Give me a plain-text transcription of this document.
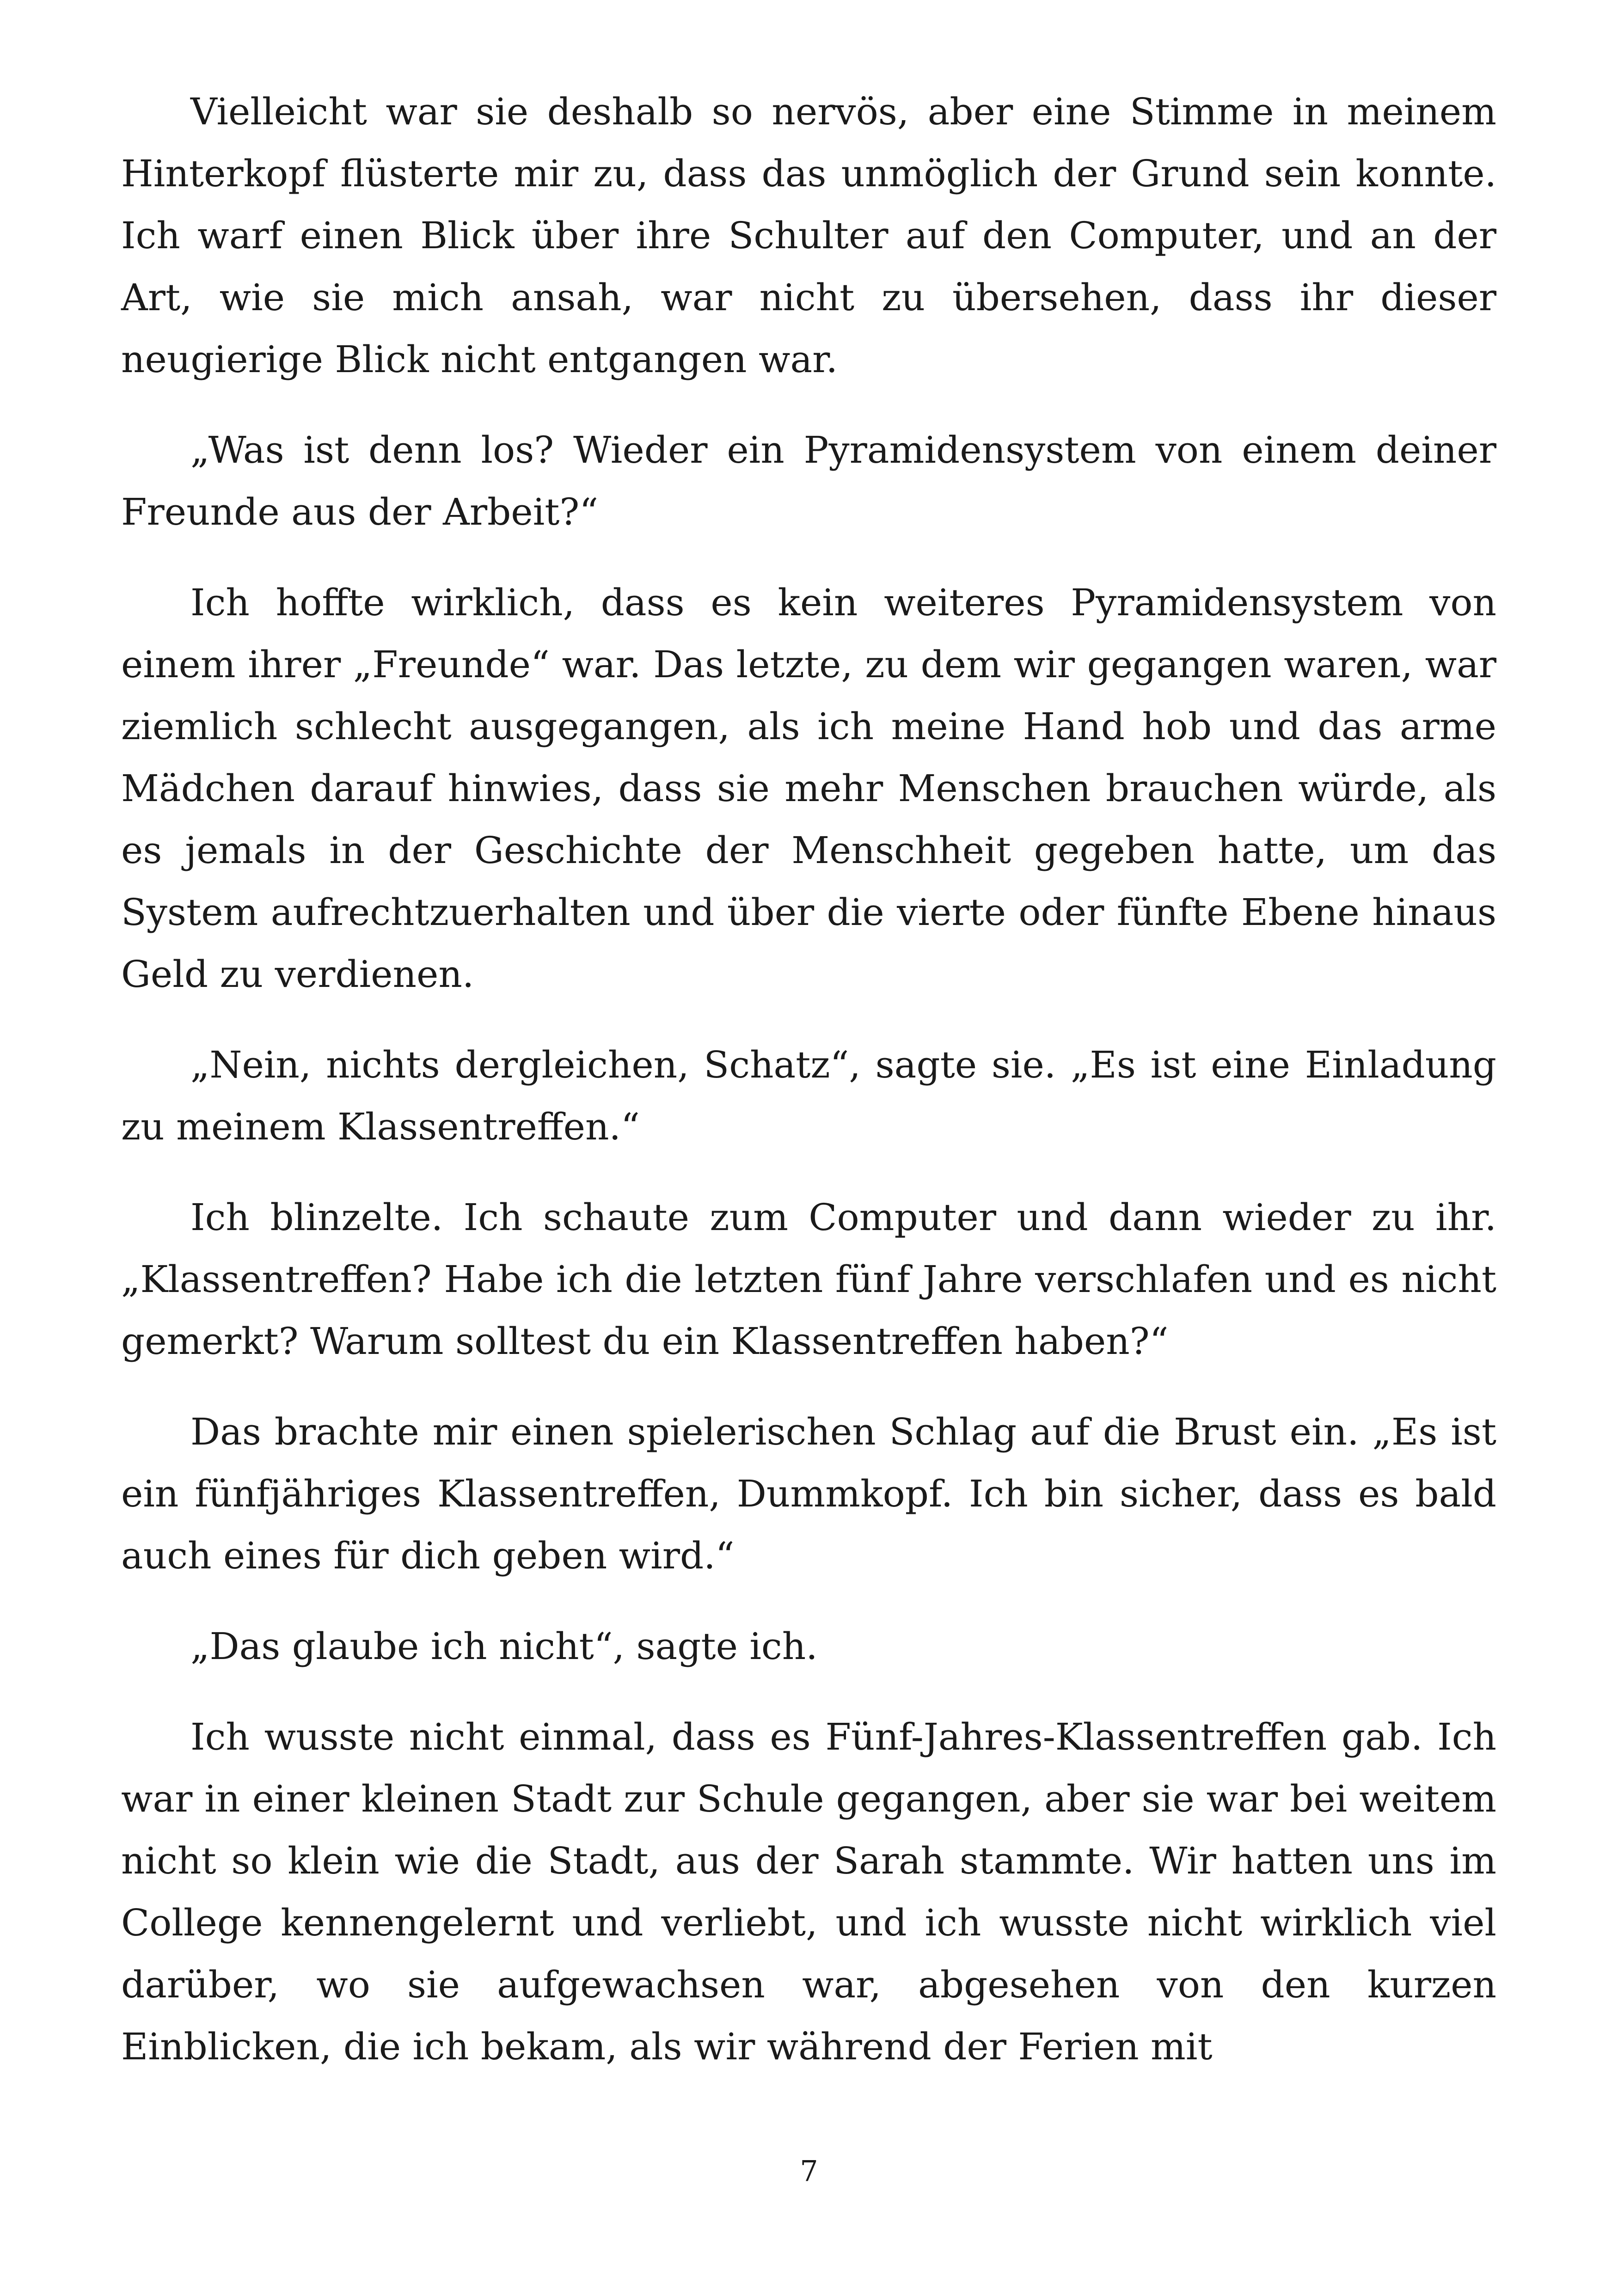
Vielleicht war sie deshalb so nervös, aber eine Stimme in meinem Hinterkopf flüsterte mir zu, dass das unmöglich der Grund sein konnte. Ich warf einen Blick über ihre Schulter auf den Computer, und an der Art, wie sie mich ansah, war nicht zu übersehen, dass ihr dieser neugierige Blick nicht entgangen war.

„Was ist denn los? Wieder ein Pyramidensystem von einem deiner Freunde aus der Arbeit?“

Ich hoffte wirklich, dass es kein weiteres Pyramidensystem von einem ihrer „Freunde“ war. Das letzte, zu dem wir gegangen waren, war ziemlich schlecht ausgegangen, als ich meine Hand hob und das arme Mädchen darauf hinwies, dass sie mehr Menschen brauchen würde, als es jemals in der Geschichte der Menschheit gegeben hatte, um das System aufrechtzuerhalten und über die vierte oder fünfte Ebene hinaus Geld zu verdienen.

„Nein, nichts dergleichen, Schatz“, sagte sie. „Es ist eine Einladung zu meinem Klassentreffen.“

Ich blinzelte. Ich schaute zum Computer und dann wieder zu ihr. „Klassentreffen? Habe ich die letzten fünf Jahre verschlafen und es nicht gemerkt? Warum solltest du ein Klassentreffen haben?“

Das brachte mir einen spielerischen Schlag auf die Brust ein. „Es ist ein fünfjähriges Klassentreffen, Dummkopf. Ich bin sicher, dass es bald auch eines für dich geben wird.“

„Das glaube ich nicht“, sagte ich.

Ich wusste nicht einmal, dass es Fünf-Jahres-Klassentreffen gab. Ich war in einer kleinen Stadt zur Schule gegangen, aber sie war bei weitem nicht so klein wie die Stadt, aus der Sarah stammte. Wir hatten uns im College kennengelernt und verliebt, und ich wusste nicht wirklich viel darüber, wo sie aufgewachsen war, abgesehen von den kurzen Einblicken, die ich bekam, als wir während der Ferien mit

7
